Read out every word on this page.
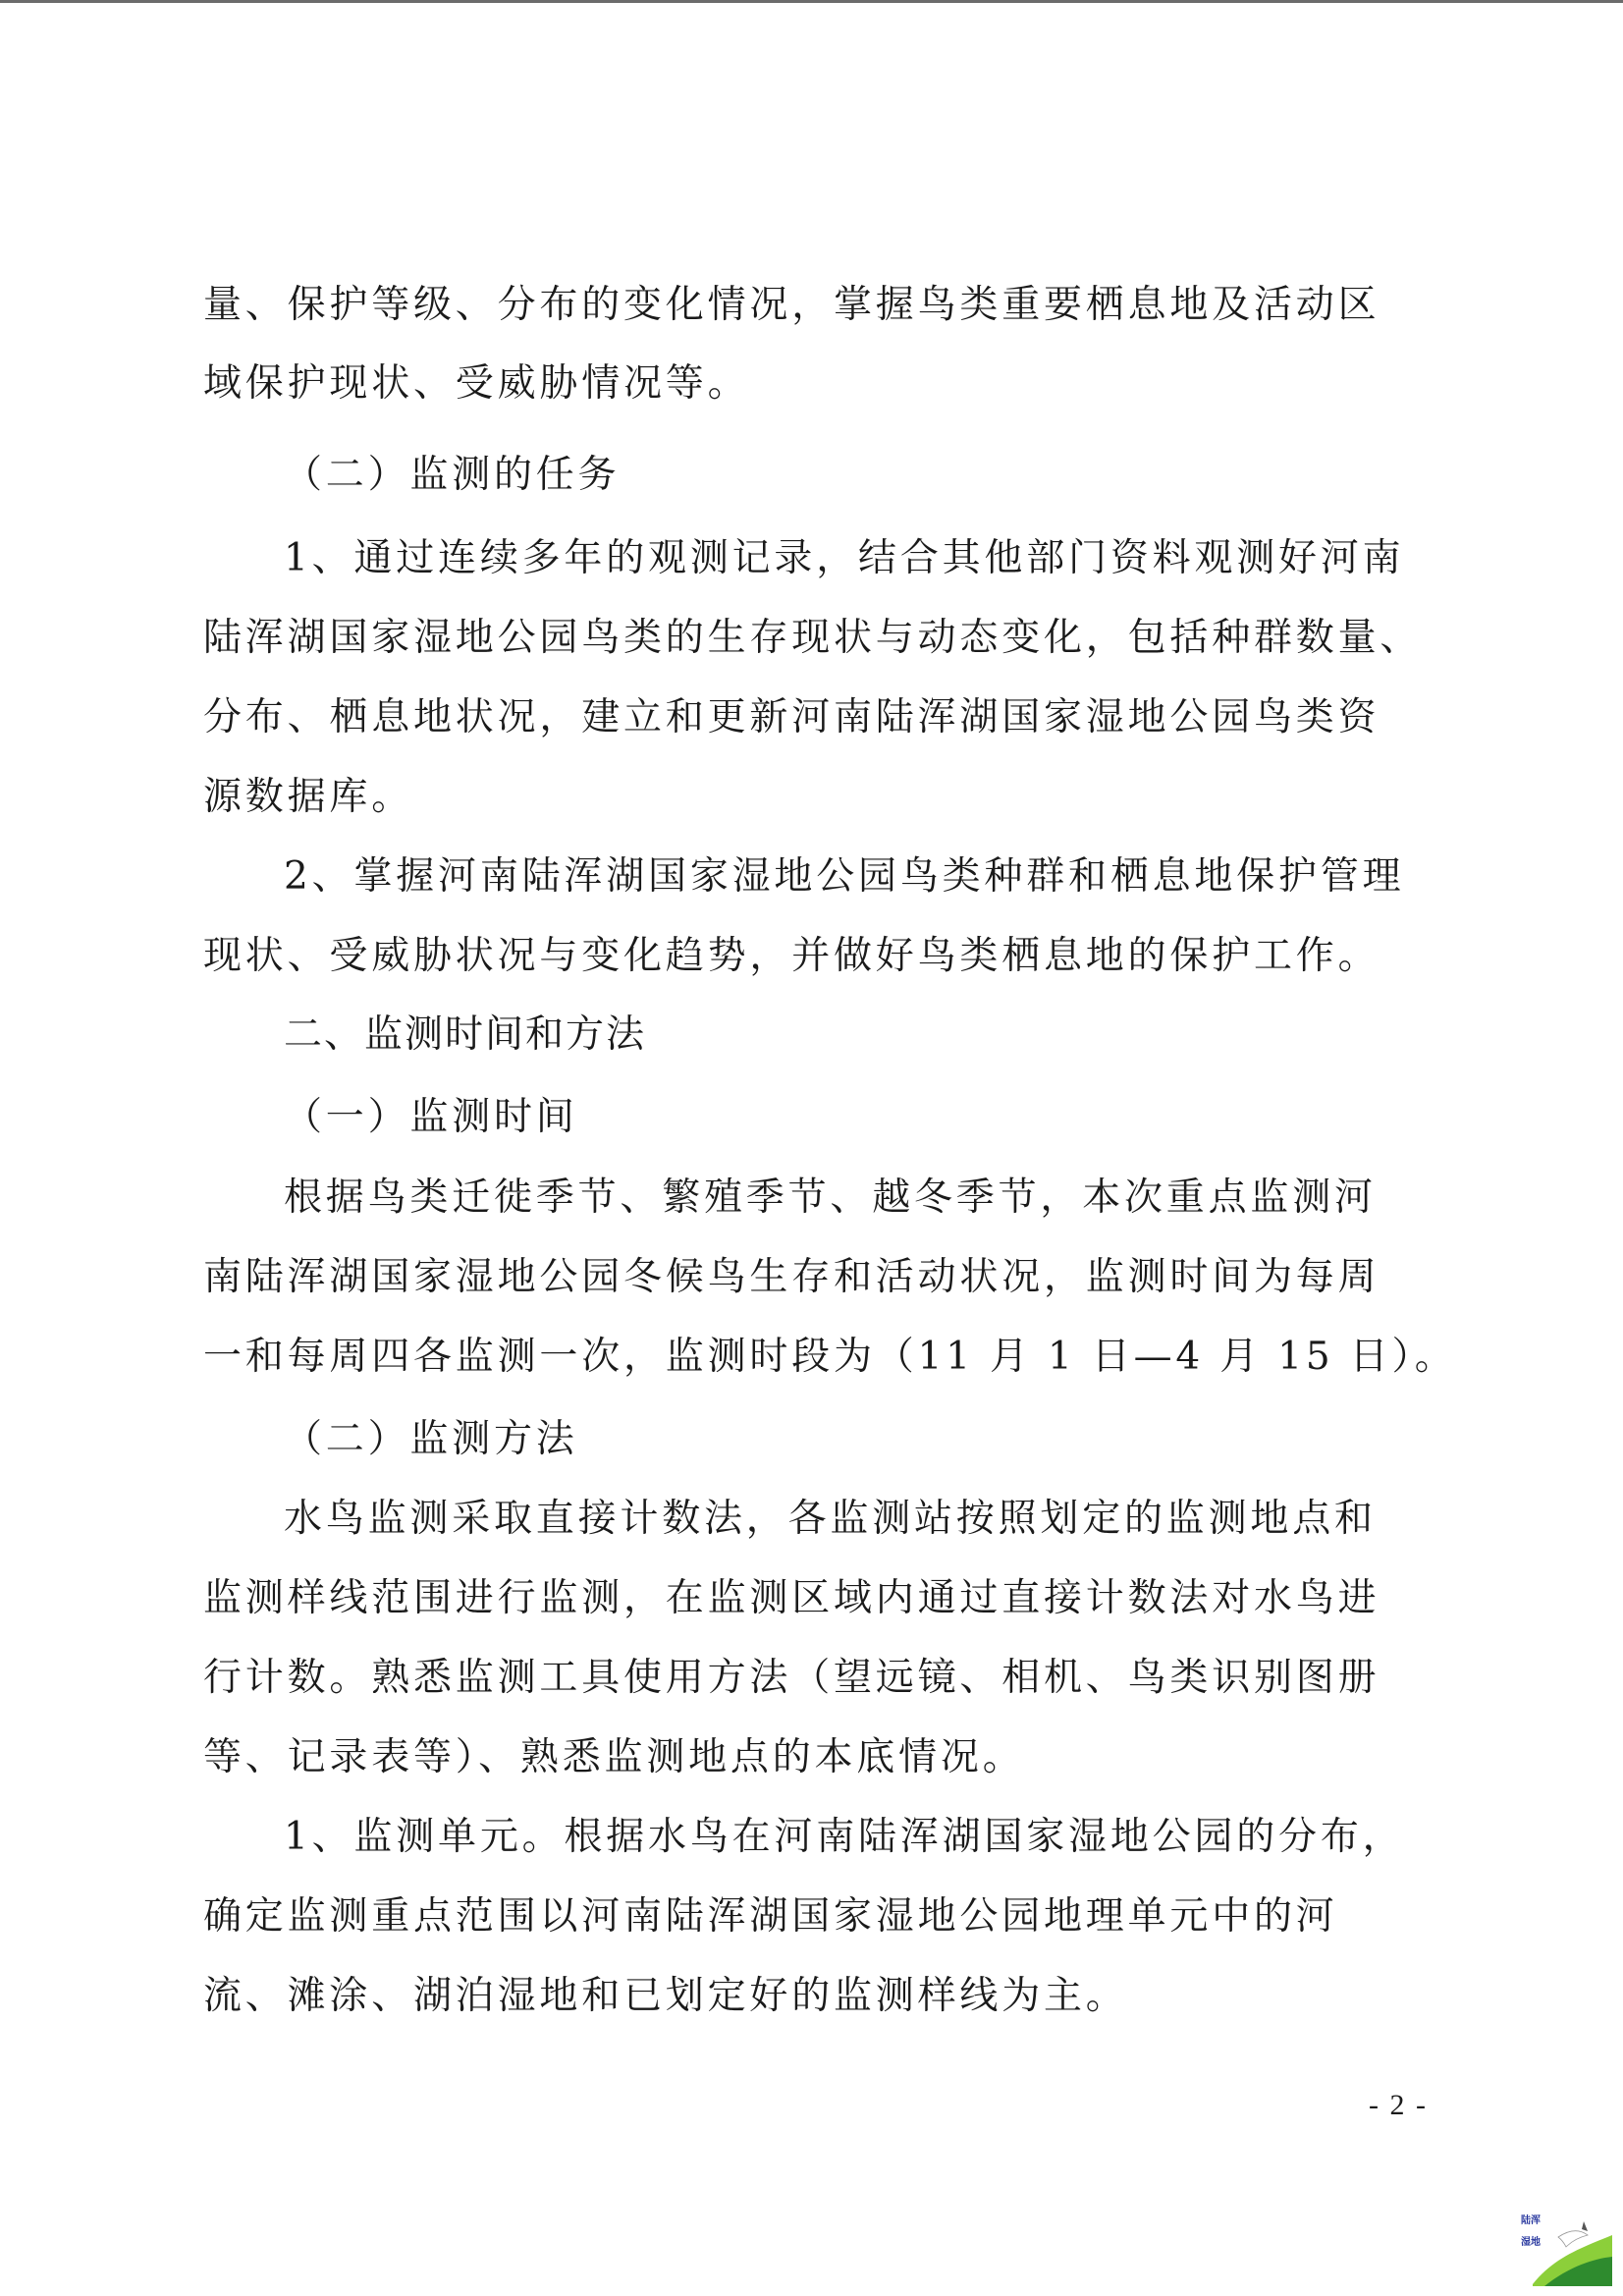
量、保护等级、分布的变化情况，掌握鸟类重要栖息地及活动区
域保护现状、受威胁情况等。
（二）监测的任务
1、通过连续多年的观测记录，结合其他部门资料观测好河南
陆浑湖国家湿地公园鸟类的生存现状与动态变化，包括种群数量、
分布、栖息地状况，建立和更新河南陆浑湖国家湿地公园鸟类资
源数据库。
2、掌握河南陆浑湖国家湿地公园鸟类种群和栖息地保护管理
现状、受威胁状况与变化趋势，并做好鸟类栖息地的保护工作。
二、监测时间和方法
（一）监测时间
根据鸟类迁徙季节、繁殖季节、越冬季节，本次重点监测河
南陆浑湖国家湿地公园冬候鸟生存和活动状况，监测时间为每周
一和每周四各监测一次，监测时段为（11 月 1 日—4 月 15 日）。
（二）监测方法
水鸟监测采取直接计数法，各监测站按照划定的监测地点和
监测样线范围进行监测，在监测区域内通过直接计数法对水鸟进
行计数。熟悉监测工具使用方法（望远镜、相机、鸟类识别图册
等、记录表等）、熟悉监测地点的本底情况。
1、监测单元。根据水鸟在河南陆浑湖国家湿地公园的分布，
确定监测重点范围以河南陆浑湖国家湿地公园地理单元中的河
流、滩涂、湖泊湿地和已划定好的监测样线为主。
- 2 -
陆浑
湿地
